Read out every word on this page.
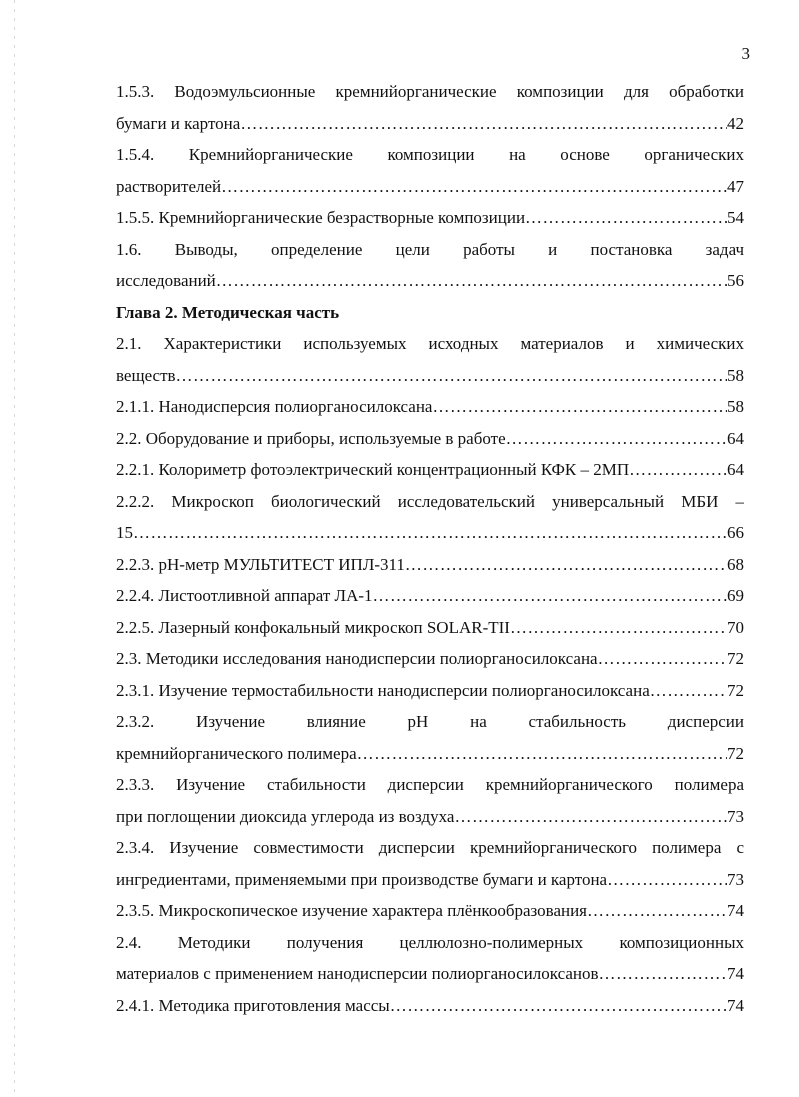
3
1.5.3. Водоэмульсионные кремнийорганические композиции для обработки
бумаги и картона ………………………………………………………………………………………………………………………………………………………………	42
1.5.4. Кремнийорганические композиции на основе органических
растворителей ………………………………………………………………………………………………………………………………………………………………	47
1.5.5. Кремнийорганические безрастворные композиции ………………………………………………………………………………………………………………………………………………………………	54
1.6. Выводы, определение цели работы и постановка задач
исследований ………………………………………………………………………………………………………………………………………………………………	56
Глава 2. Методическая часть
2.1. Характеристики используемых исходных материалов и химических
веществ ………………………………………………………………………………………………………………………………………………………………	58
2.1.1. Нанодисперсия полиорганосилоксана ………………………………………………………………………………………………………………………………………………………………	58
2.2. Оборудование и приборы, используемые в работе ………………………………………………………………………………………………………………………………………………………………	64
2.2.1. Колориметр фотоэлектрический концентрационный КФК – 2МП ………………………………………………………………………………………………………………………………………………………………	64
2.2.2. Микроскоп биологический исследовательский универсальный МБИ –
15 ………………………………………………………………………………………………………………………………………………………………	66
2.2.3. pH-метр МУЛЬТИТЕСТ ИПЛ-311 ………………………………………………………………………………………………………………………………………………………………	68
2.2.4. Листоотливной аппарат ЛА-1 ………………………………………………………………………………………………………………………………………………………………	69
2.2.5. Лазерный конфокальный микроскоп SOLAR-TII ………………………………………………………………………………………………………………………………………………………………	70
2.3. Методики исследования нанодисперсии полиорганосилоксана ………………………………………………………………………………………………………………………………………………………………	72
2.3.1. Изучение термостабильности нанодисперсии полиорганосилоксана ………………………………………………………………………………………………………………………………………………………………	72
2.3.2. Изучение влияние pH на стабильность дисперсии
кремнийорганического полимера ………………………………………………………………………………………………………………………………………………………………	72
2.3.3. Изучение стабильности дисперсии кремнийорганического полимера
при поглощении диоксида углерода из воздуха ………………………………………………………………………………………………………………………………………………………………	73
2.3.4. Изучение совместимости дисперсии кремнийорганического полимера с
ингредиентами, применяемыми при производстве бумаги и картона ………………………………………………………………………………………………………………………………………………………………	73
2.3.5. Микроскопическое изучение характера плёнкообразования ………………………………………………………………………………………………………………………………………………………………	74
2.4. Методики получения целлюлозно-полимерных композиционных
материалов с применением нанодисперсии полиорганосилоксанов ………………………………………………………………………………………………………………………………………………………………	74
2.4.1. Методика приготовления массы ………………………………………………………………………………………………………………………………………………………………	74
